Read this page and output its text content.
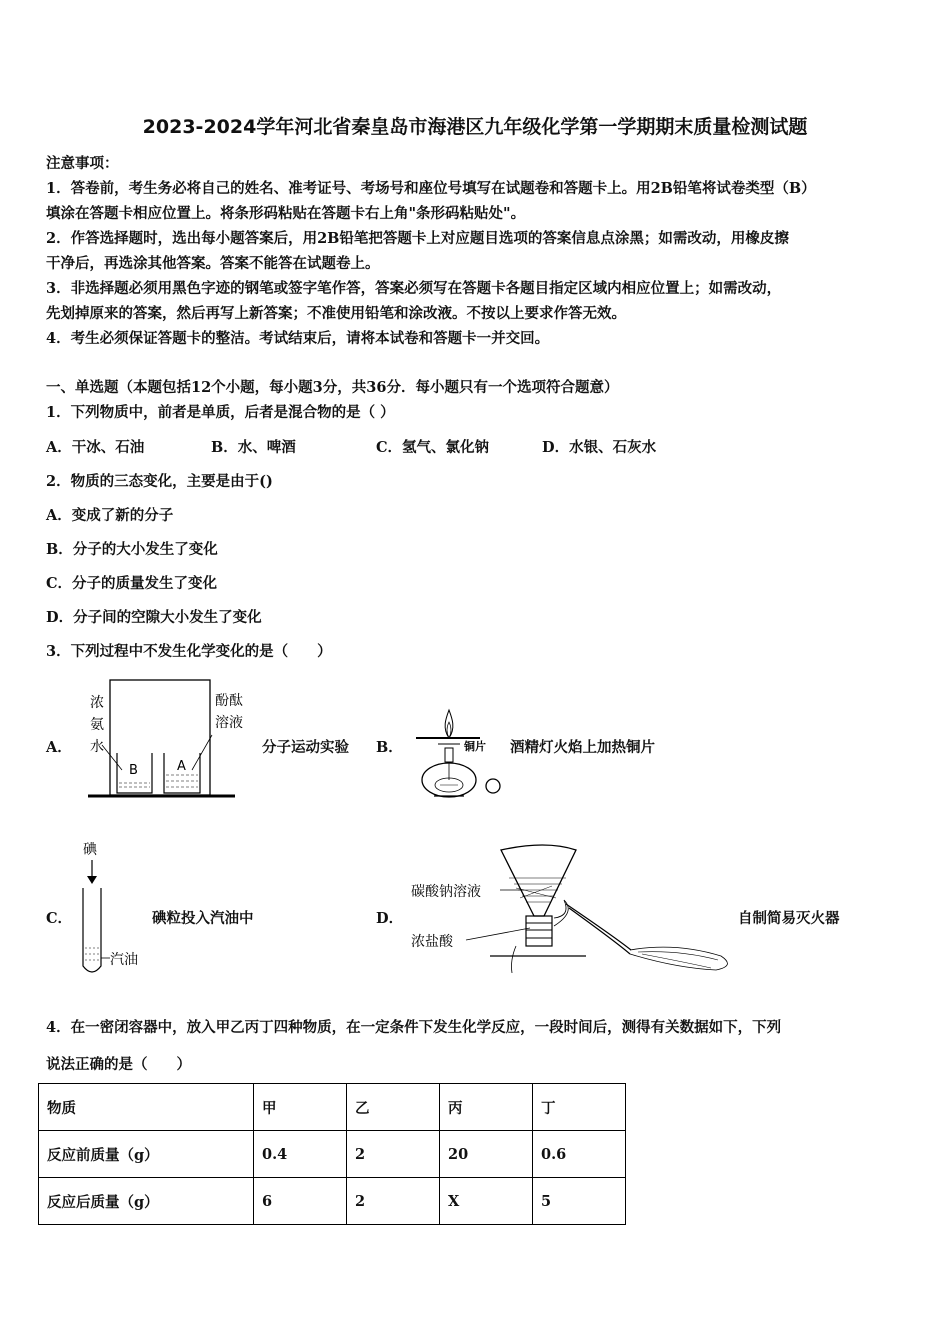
2023-2024学年河北省秦皇岛市海港区九年级化学第一学期期末质量检测试题
注意事项：
1．答卷前，考生务必将自己的姓名、准考证号、考场号和座位号填写在试题卷和答题卡上。用2B铅笔将试卷类型（B）
填涂在答题卡相应位置上。将条形码粘贴在答题卡右上角"条形码粘贴处"。
2．作答选择题时，选出每小题答案后，用2B铅笔把答题卡上对应题目选项的答案信息点涂黑；如需改动，用橡皮擦
干净后，再选涂其他答案。答案不能答在试题卷上。
3．非选择题必须用黑色字迹的钢笔或签字笔作答，答案必须写在答题卡各题目指定区域内相应位置上；如需改动，
先划掉原来的答案，然后再写上新答案；不准使用铅笔和涂改液。不按以上要求作答无效。
4．考生必须保证答题卡的整洁。考试结束后，请将本试卷和答题卡一并交回。
一、单选题（本题包括12个小题，每小题3分，共36分．每小题只有一个选项符合题意）
1．下列物质中，前者是单质，后者是混合物的是（ ）
A．干冰、石油	B．水、啤酒	C．氢气、氯化钠	D．水银、石灰水
2．物质的三态变化，主要是由于()
A．变成了新的分子
B．分子的大小发生了变化
C．分子的质量发生了变化
D．分子间的空隙大小发生了变化
3．下列过程中不发生化学变化的是（　　）
A．
浓
氨
水
酚酞
溶液
B	A
分子运动实验 B．	铜片 酒精灯火焰上加热铜片
C．
碘
汽油
碘粒投入汽油中	D．
碳酸钠溶液
浓盐酸
自制简易灭火器
4．在一密闭容器中，放入甲乙丙丁四种物质，在一定条件下发生化学反应，一段时间后，测得有关数据如下，下列
说法正确的是（　　）
物质	甲	乙	丙	丁
反应前质量（g）	0.4	2	20	0.6
反应后质量（g）	6	2	X	5
